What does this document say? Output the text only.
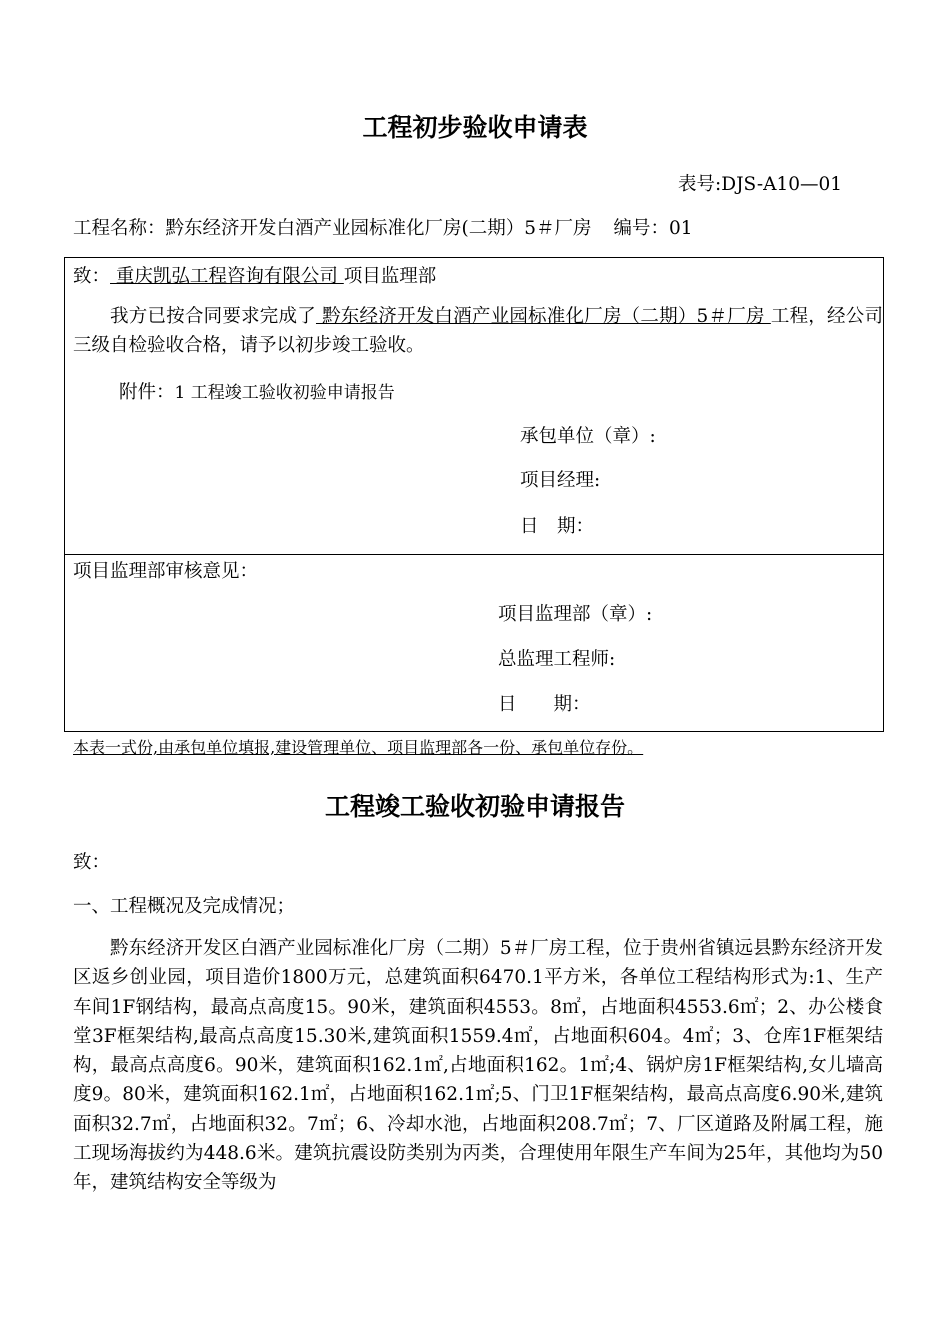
工程初步验收申请表
表号:DJS-A10—01
工程名称：黔东经济开发白酒产业园标准化厂房(二期）5＃厂房 编号：01
致： 重庆凯弘工程咨询有限公司 项目监理部

我方已按合同要求完成了 黔东经济开发白酒产业园标准化厂房（二期）5＃厂房 工程，经公司三级自检验收合格，请予以初步竣工验收。

附件：1 工程竣工验收初验申请报告
承包单位（章）:
项目经理:
日　期：
项目监理部审核意见：
项目监理部（章）:
总监理工程师:
日　　期：
本表一式份,由承包单位填报,建设管理单位、项目监理部各一份、承包单位存份。
工程竣工验收初验申请报告
致：
一、工程概况及完成情况；

黔东经济开发区白酒产业园标准化厂房（二期）5＃厂房工程，位于贵州省镇远县黔东经济开发区返乡创业园，项目造价1800万元，总建筑面积6470.1平方米，各单位工程结构形式为:1、生产车间1F钢结构，最高点高度15。90米，建筑面积4553。8㎡，占地面积4553.6㎡；2、办公楼食堂3F框架结构,最高点高度15.30米,建筑面积1559.4㎡，占地面积604。4㎡；3、仓库1F框架结构，最高点高度6。90米，建筑面积162.1㎡,占地面积162。1㎡;4、锅炉房1F框架结构,女儿墙高度9。80米，建筑面积162.1㎡，占地面积162.1㎡;5、门卫1F框架结构，最高点高度6.90米,建筑面积32.7㎡，占地面积32。7㎡；6、冷却水池，占地面积208.7㎡；7、厂区道路及附属工程，施工现场海拔约为448.6米。建筑抗震设防类别为丙类，合理使用年限生产车间为25年，其他均为50年，建筑结构安全等级为
